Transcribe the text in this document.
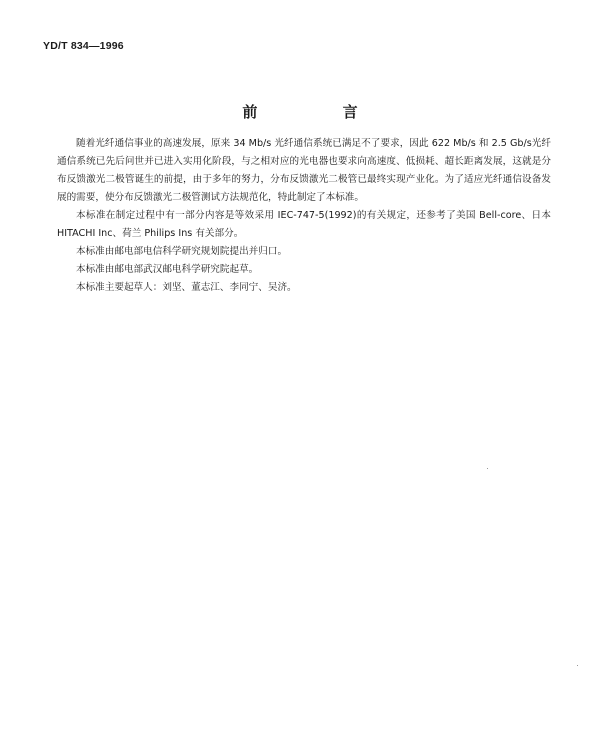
YD/T 834—1996
前 言

随着光纤通信事业的高速发展，原来 34 Mb/s 光纤通信系统已满足不了要求，因此 622 Mb/s 和 2.5 Gb/s光纤通信系统已先后问世并已进入实用化阶段，与之相对应的光电器也要求向高速度、低损耗、超长距离发展，这就是分布反馈激光二极管诞生的前提，由于多年的努力，分布反馈激光二极管已最终实现产业化。为了适应光纤通信设备发展的需要，使分布反馈激光二极管测试方法规范化，特此制定了本标准。

本标准在制定过程中有一部分内容是等效采用 IEC-747-5(1992)的有关规定，还参考了美国 Bell-core、日本 HITACHI Inc、荷兰 Philips Ins 有关部分。

本标准由邮电部电信科学研究规划院提出并归口。

本标准由邮电部武汉邮电科学研究院起草。

本标准主要起草人：刘坚、董志江、李同宁、吴济。
